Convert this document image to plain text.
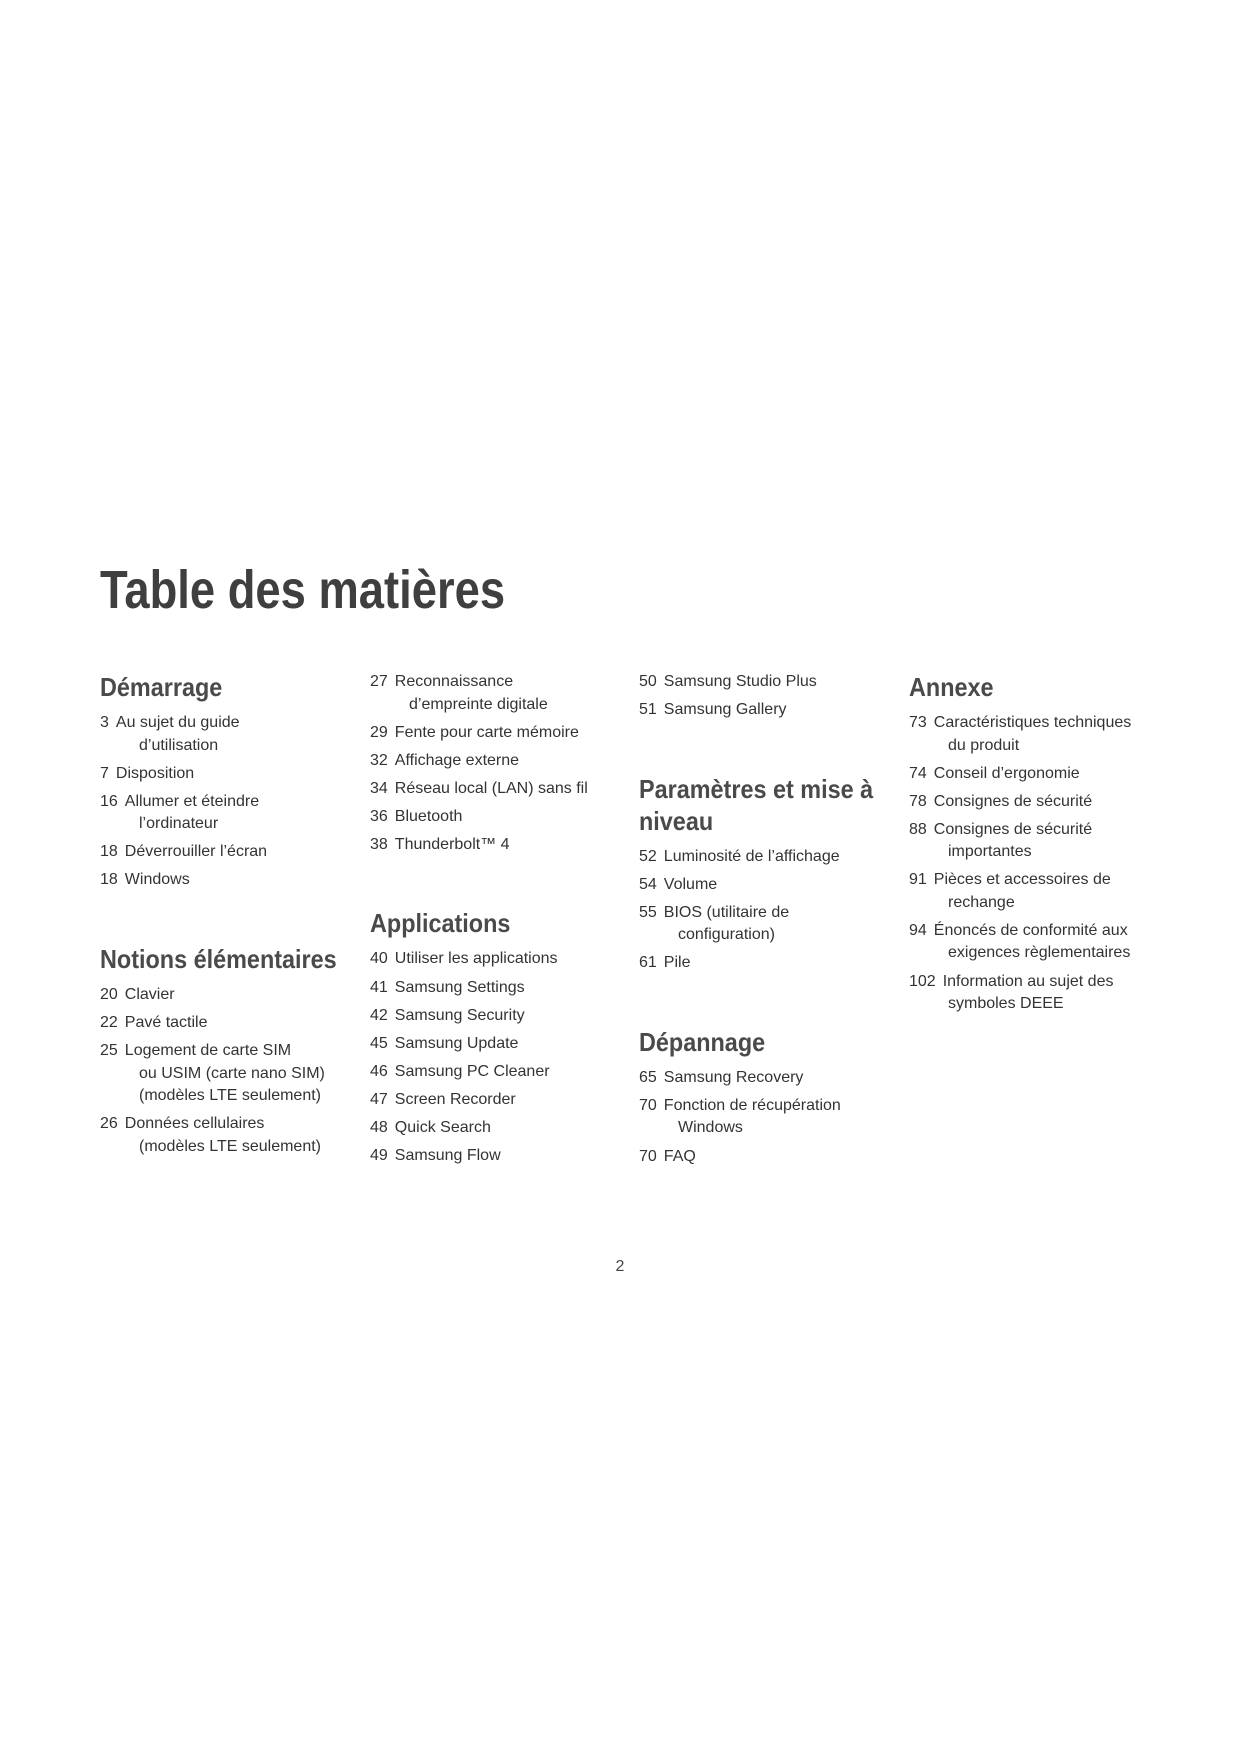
Table des matières
Démarrage
3 Au sujet du guide
d’utilisation
7 Disposition
16 Allumer et éteindre
l’ordinateur
18 Déverrouiller l’écran
18 Windows
Notions élémentaires
20 Clavier
22 Pavé tactile
25 Logement de carte SIM
ou USIM (carte nano SIM)
(modèles LTE seulement)
26 Données cellulaires
(modèles LTE seulement)
27 Reconnaissance
d’empreinte digitale
29 Fente pour carte mémoire
32 Affichage externe
34 Réseau local (LAN) sans fil
36 Bluetooth
38 Thunderbolt™ 4
Applications
40 Utiliser les applications
41 Samsung Settings
42 Samsung Security
45 Samsung Update
46 Samsung PC Cleaner
47 Screen Recorder
48 Quick Search
49 Samsung Flow
50 Samsung Studio Plus
51 Samsung Gallery
Paramètres et mise à
niveau
52 Luminosité de l’affichage
54 Volume
55 BIOS (utilitaire de
configuration)
61 Pile
Dépannage
65 Samsung Recovery
70 Fonction de récupération
Windows
70 FAQ
Annexe
73 Caractéristiques techniques
du produit
74 Conseil d’ergonomie
78 Consignes de sécurité
88 Consignes de sécurité
importantes
91 Pièces et accessoires de
rechange
94 Énoncés de conformité aux
exigences règlementaires
102 Information au sujet des
symboles DEEE
2
